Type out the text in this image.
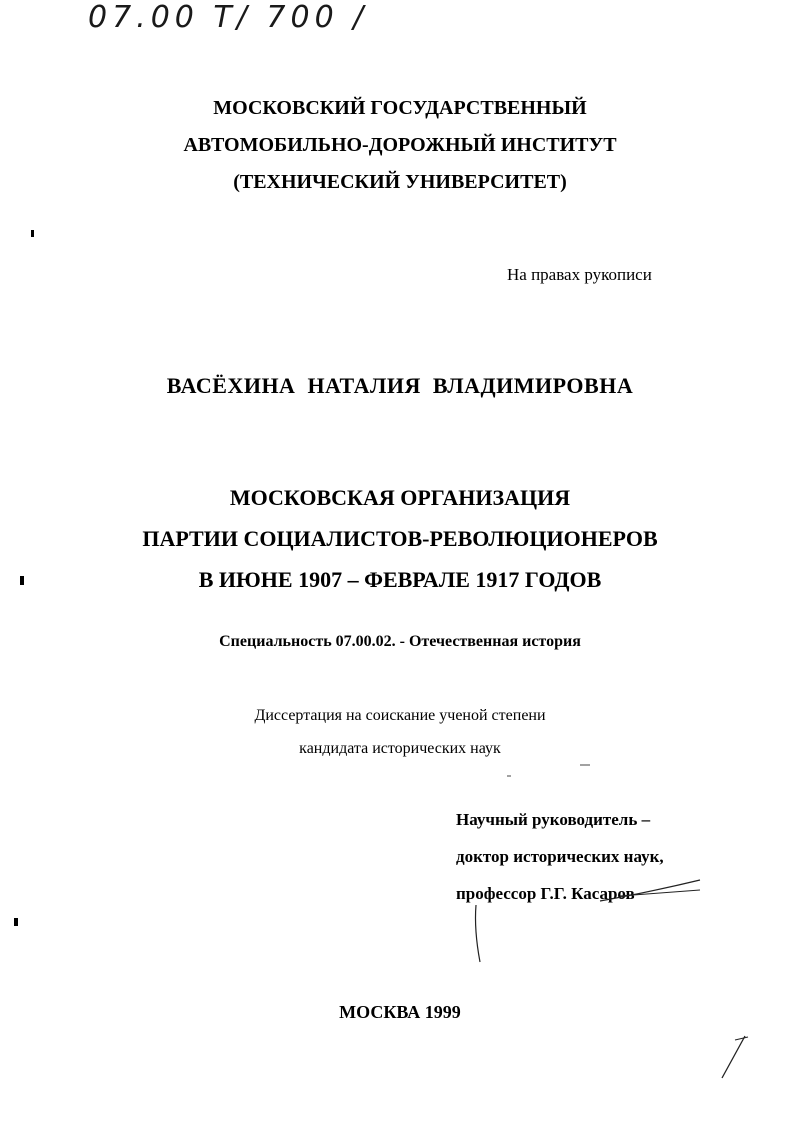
07.00 Т/ 700 /
МОСКОВСКИЙ ГОСУДАРСТВЕННЫЙ
АВТОМОБИЛЬНО-ДОРОЖНЫЙ ИНСТИТУТ
(ТЕХНИЧЕСКИЙ УНИВЕРСИТЕТ)
На правах рукописи
ВАСЁХИНА НАТАЛИЯ ВЛАДИМИРОВНА
МОСКОВСКАЯ ОРГАНИЗАЦИЯ
ПАРТИИ СОЦИАЛИСТОВ-РЕВОЛЮЦИОНЕРОВ
В ИЮНЕ 1907 – ФЕВРАЛЕ 1917 ГОДОВ
Специальность 07.00.02. - Отечественная история
Диссертация на соискание ученой степени
кандидата исторических наук
Научный руководитель –
доктор исторических наук,
профессор Г.Г. Касаров
МОСКВА 1999
